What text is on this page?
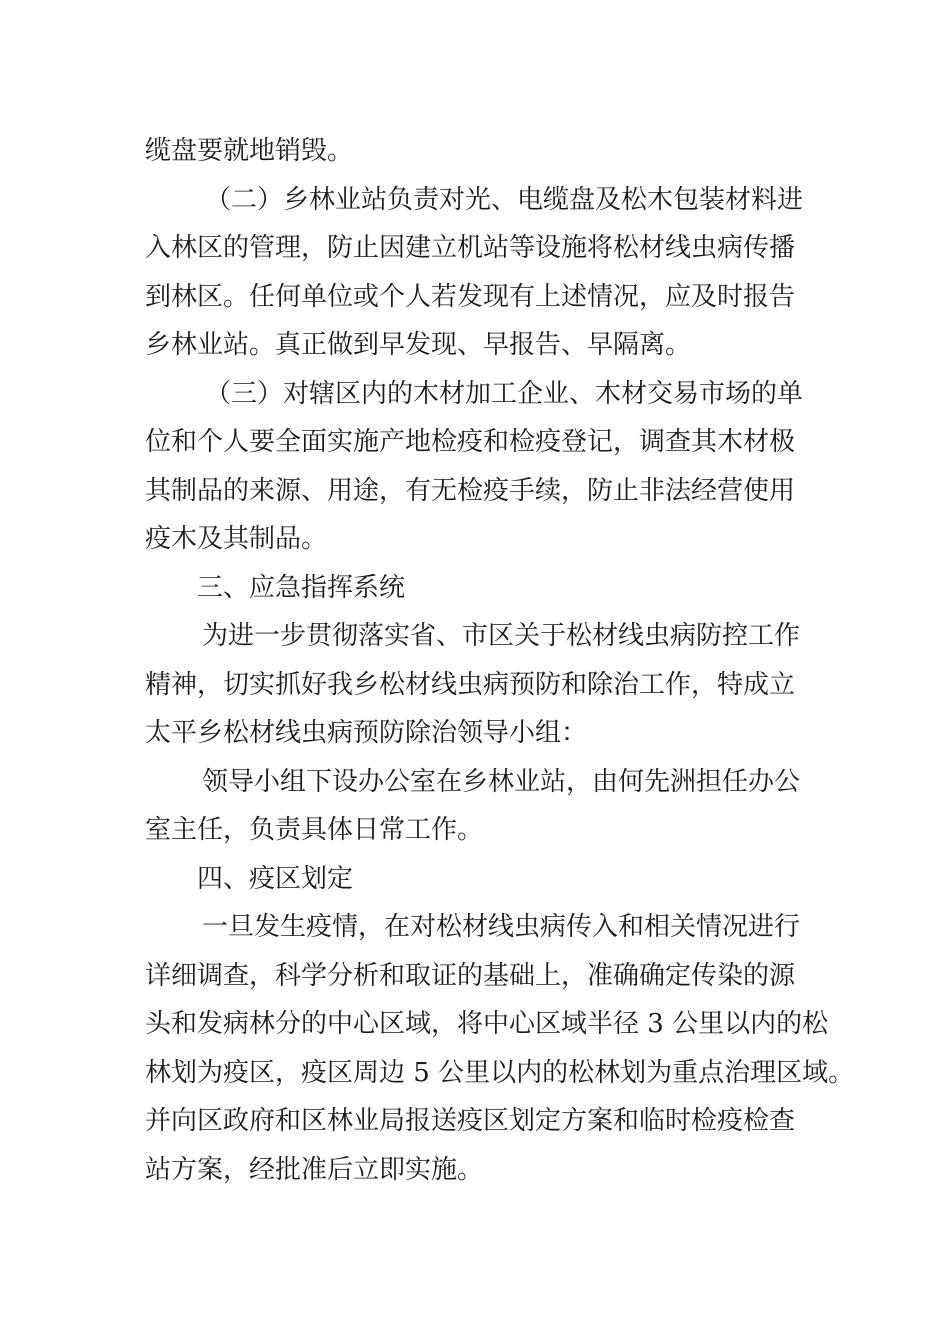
缆盘要就地销毁。
（二）乡林业站负责对光、电缆盘及松木包装材料进
入林区的管理，防止因建立机站等设施将松材线虫病传播
到林区。任何单位或个人若发现有上述情况，应及时报告
乡林业站。真正做到早发现、早报告、早隔离。
（三）对辖区内的木材加工企业、木材交易市场的单
位和个人要全面实施产地检疫和检疫登记，调查其木材极
其制品的来源、用途，有无检疫手续，防止非法经营使用
疫木及其制品。
三、应急指挥系统
为进一步贯彻落实省、市区关于松材线虫病防控工作
精神，切实抓好我乡松材线虫病预防和除治工作，特成立
太平乡松材线虫病预防除治领导小组：
领导小组下设办公室在乡林业站，由何先洲担任办公
室主任，负责具体日常工作。
四、疫区划定
一旦发生疫情，在对松材线虫病传入和相关情况进行
详细调查，科学分析和取证的基础上，准确确定传染的源
头和发病林分的中心区域，将中心区域半径 3 公里以内的松
林划为疫区，疫区周边 5 公里以内的松林划为重点治理区域。
并向区政府和区林业局报送疫区划定方案和临时检疫检查
站方案，经批准后立即实施。
